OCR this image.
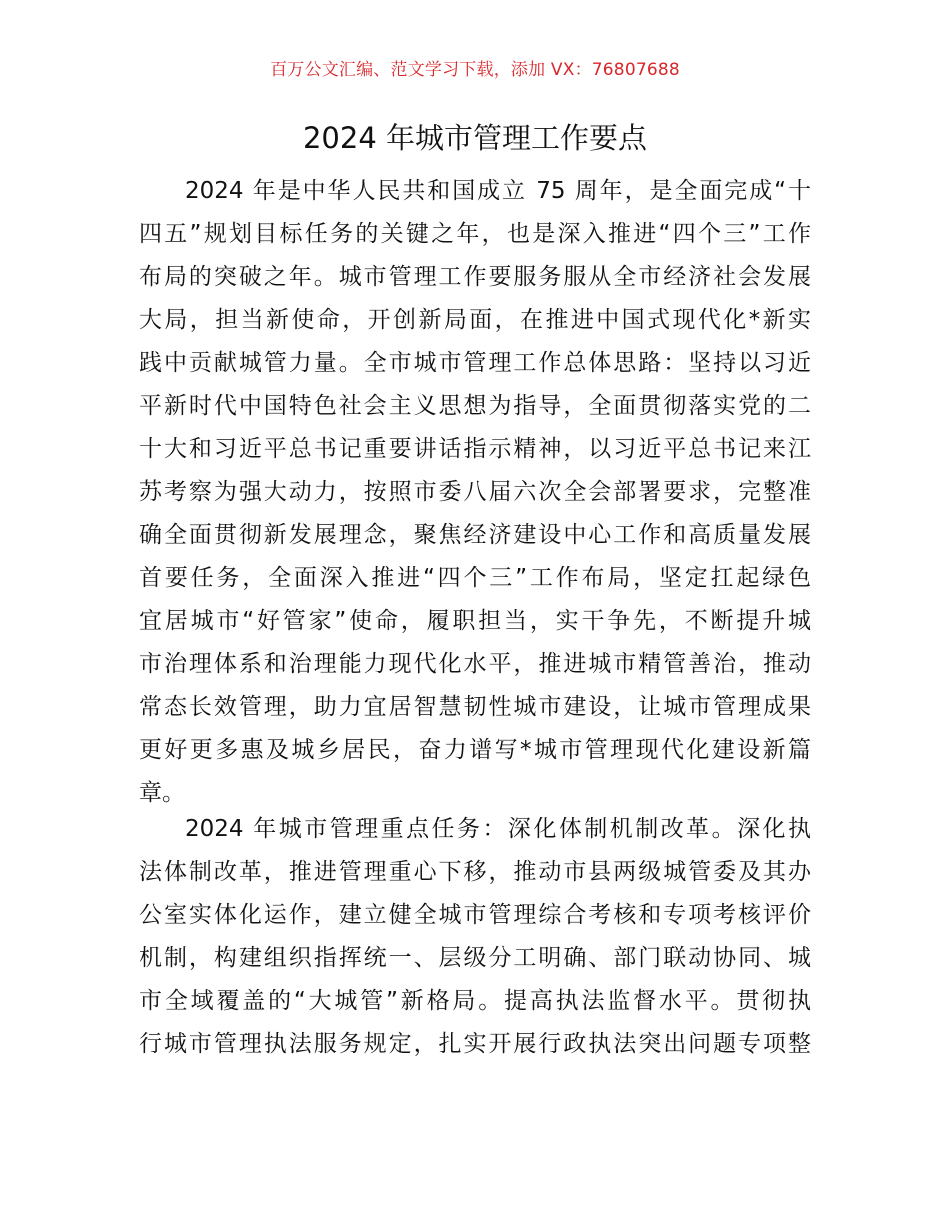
百万公文汇编、范文学习下载，添加 VX：76807688
2024 年城市管理工作要点
2024 年是中华人民共和国成立 75 周年，是全面完成“十
四五”规划目标任务的关键之年，也是深入推进“四个三”工作
布局的突破之年。城市管理工作要服务服从全市经济社会发展
大局，担当新使命，开创新局面，在推进中国式现代化*新实
践中贡献城管力量。全市城市管理工作总体思路：坚持以习近
平新时代中国特色社会主义思想为指导，全面贯彻落实党的二
十大和习近平总书记重要讲话指示精神，以习近平总书记来江
苏考察为强大动力，按照市委八届六次全会部署要求，完整准
确全面贯彻新发展理念，聚焦经济建设中心工作和高质量发展
首要任务，全面深入推进“四个三”工作布局，坚定扛起绿色
宜居城市“好管家”使命，履职担当，实干争先，不断提升城
市治理体系和治理能力现代化水平，推进城市精管善治，推动
常态长效管理，助力宜居智慧韧性城市建设，让城市管理成果
更好更多惠及城乡居民，奋力谱写*城市管理现代化建设新篇
章。
2024 年城市管理重点任务：深化体制机制改革。深化执
法体制改革，推进管理重心下移，推动市县两级城管委及其办
公室实体化运作，建立健全城市管理综合考核和专项考核评价
机制，构建组织指挥统一、层级分工明确、部门联动协同、城
市全域覆盖的“大城管”新格局。提高执法监督水平。贯彻执
行城市管理执法服务规定，扎实开展行政执法突出问题专项整
